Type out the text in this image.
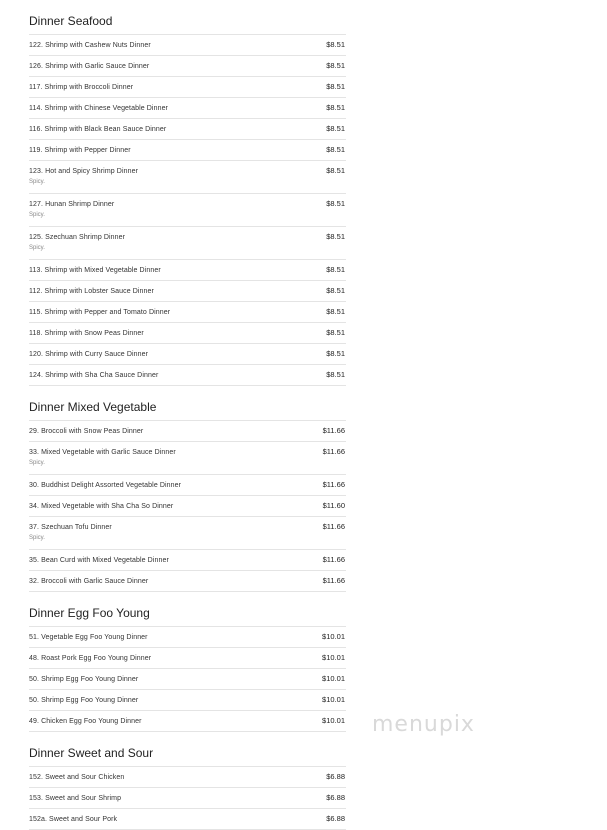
Dinner Seafood
122. Shrimp with Cashew Nuts Dinner	$8.51
126. Shrimp with Garlic Sauce Dinner	$8.51
117. Shrimp with Broccoli Dinner	$8.51
114. Shrimp with Chinese Vegetable Dinner	$8.51
116. Shrimp with Black Bean Sauce Dinner	$8.51
119. Shrimp with Pepper Dinner	$8.51
123. Hot and Spicy Shrimp Dinner	$8.51
Spicy.
127. Hunan Shrimp Dinner	$8.51
Spicy.
125. Szechuan Shrimp Dinner	$8.51
Spicy.
113. Shrimp with Mixed Vegetable Dinner	$8.51
112. Shrimp with Lobster Sauce Dinner	$8.51
115. Shrimp with Pepper and Tomato Dinner	$8.51
118. Shrimp with Snow Peas Dinner	$8.51
120. Shrimp with Curry Sauce Dinner	$8.51
124. Shrimp with Sha Cha Sauce Dinner	$8.51
Dinner Mixed Vegetable
29. Broccoli with Snow Peas Dinner	$11.66
33. Mixed Vegetable with Garlic Sauce Dinner	$11.66
Spicy.
30. Buddhist Delight Assorted Vegetable Dinner	$11.66
34. Mixed Vegetable with Sha Cha So Dinner	$11.60
37. Szechuan Tofu Dinner	$11.66
Spicy.
35. Bean Curd with Mixed Vegetable Dinner	$11.66
32. Broccoli with Garlic Sauce Dinner	$11.66
Dinner Egg Foo Young
51. Vegetable Egg Foo Young Dinner	$10.01
48. Roast Pork Egg Foo Young Dinner	$10.01
50. Shrimp Egg Foo Young Dinner	$10.01
50. Shrimp Egg Foo Young Dinner	$10.01
49. Chicken Egg Foo Young Dinner	$10.01
Dinner Sweet and Sour
152. Sweet and Sour Chicken	$6.88
153. Sweet and Sour Shrimp	$6.88
152a. Sweet and Sour Pork	$6.88
menupix
